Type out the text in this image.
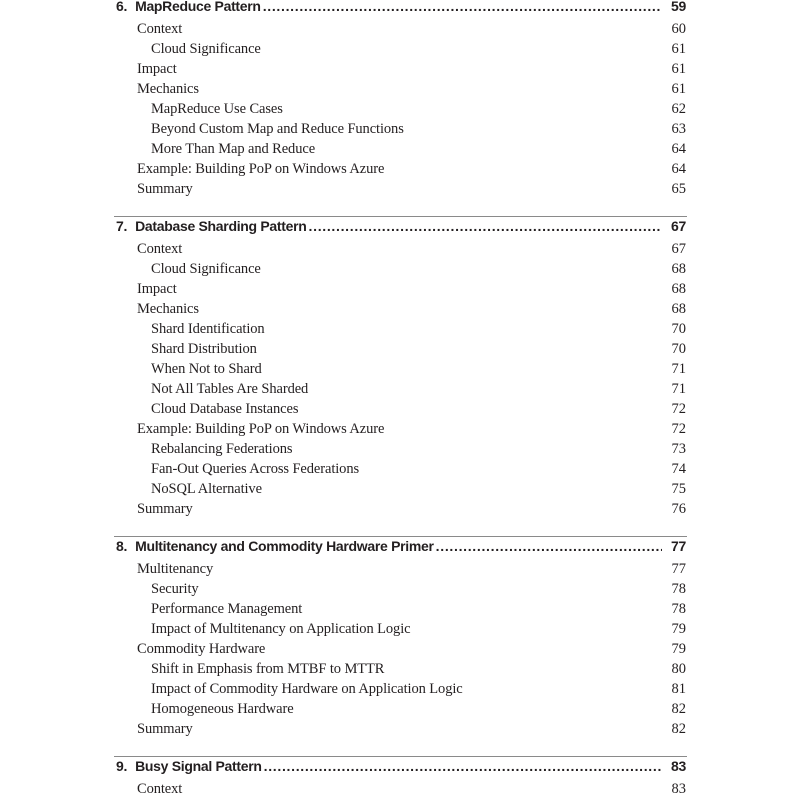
6. MapReduce Pattern . . .	59
Context	60
Cloud Significance	61
Impact	61
Mechanics	61
MapReduce Use Cases	62
Beyond Custom Map and Reduce Functions	63
More Than Map and Reduce	64
Example: Building PoP on Windows Azure	64
Summary	65
7. Database Sharding Pattern . . .	67
Context	67
Cloud Significance	68
Impact	68
Mechanics	68
Shard Identification	70
Shard Distribution	70
When Not to Shard	71
Not All Tables Are Sharded	71
Cloud Database Instances	72
Example: Building PoP on Windows Azure	72
Rebalancing Federations	73
Fan-Out Queries Across Federations	74
NoSQL Alternative	75
Summary	76
8. Multitenancy and Commodity Hardware Primer . . .	77
Multitenancy	77
Security	78
Performance Management	78
Impact of Multitenancy on Application Logic	79
Commodity Hardware	79
Shift in Emphasis from MTBF to MTTR	80
Impact of Commodity Hardware on Application Logic	81
Homogeneous Hardware	82
Summary	82
9. Busy Signal Pattern . . .	83
Context	83
